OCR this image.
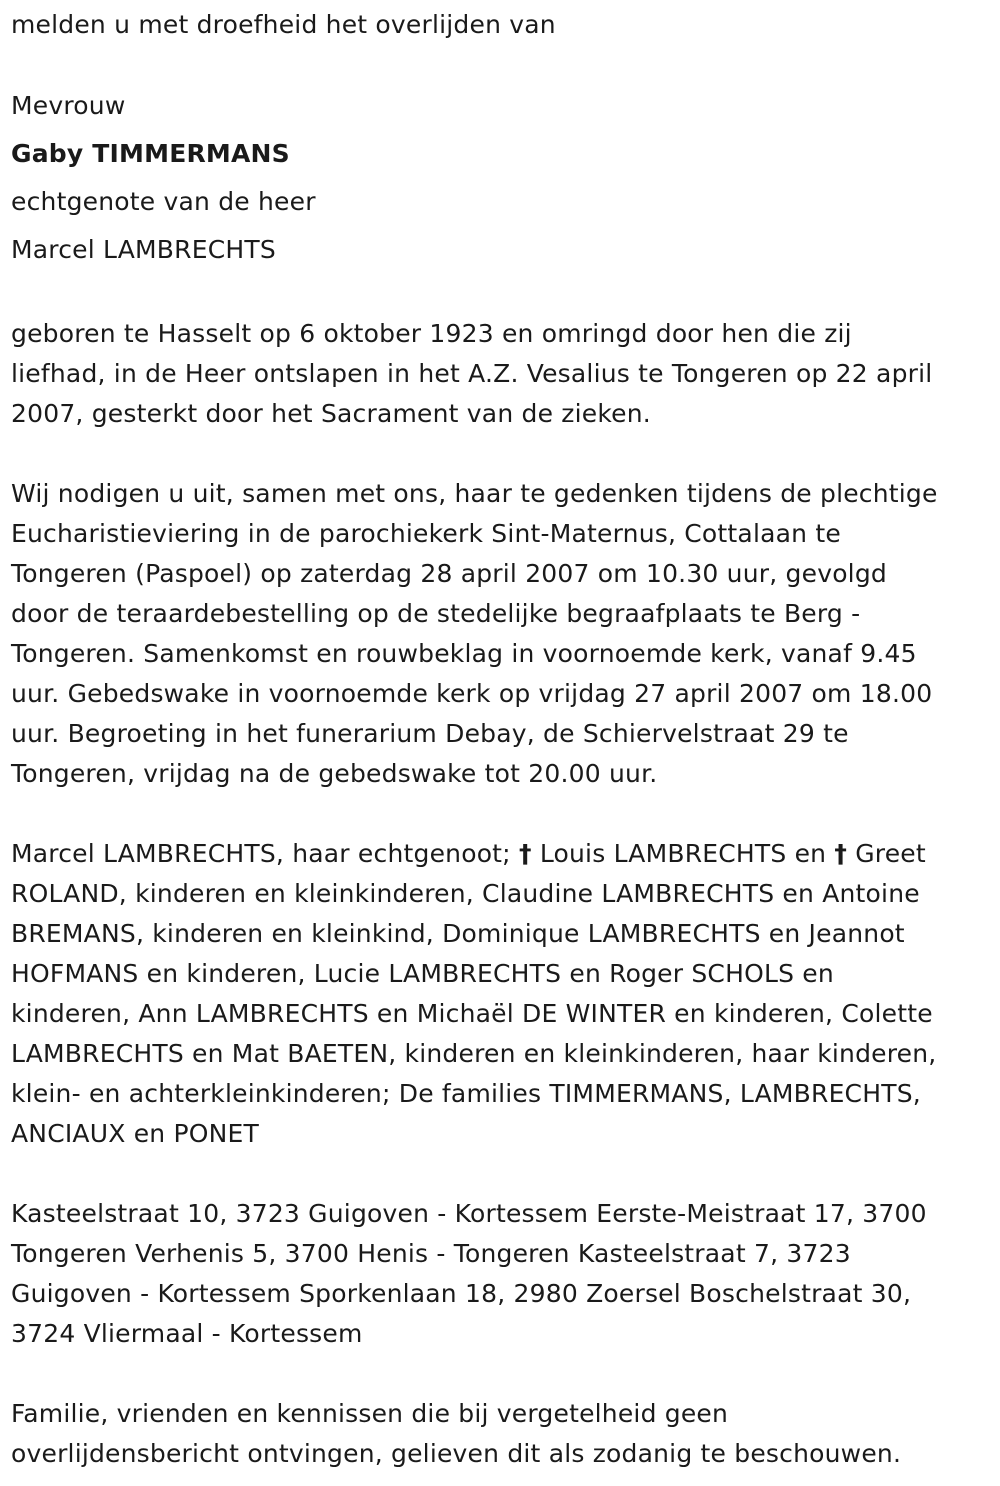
melden u met droefheid het overlijden van

Mevrouw

Gaby TIMMERMANS

echtgenote van de heer

Marcel LAMBRECHTS

geboren te Hasselt op 6 oktober 1923 en omringd door hen die zij

liefhad, in de Heer ontslapen in het A.Z. Vesalius te Tongeren op 22 april

2007, gesterkt door het Sacrament van de zieken.

Wij nodigen u uit, samen met ons, haar te gedenken tijdens de plechtige

Eucharistieviering in de parochiekerk Sint-Maternus, Cottalaan te

Tongeren (Paspoel) op zaterdag 28 april 2007 om 10.30 uur, gevolgd

door de teraardebestelling op de stedelijke begraafplaats te Berg -

Tongeren. Samenkomst en rouwbeklag in voornoemde kerk, vanaf 9.45

uur. Gebedswake in voornoemde kerk op vrijdag 27 april 2007 om 18.00

uur. Begroeting in het funerarium Debay, de Schiervelstraat 29 te

Tongeren, vrijdag na de gebedswake tot 20.00 uur.

Marcel LAMBRECHTS, haar echtgenoot; † Louis LAMBRECHTS en † Greet

ROLAND, kinderen en kleinkinderen, Claudine LAMBRECHTS en Antoine

BREMANS, kinderen en kleinkind, Dominique LAMBRECHTS en Jeannot

HOFMANS en kinderen, Lucie LAMBRECHTS en Roger SCHOLS en

kinderen, Ann LAMBRECHTS en Michaël DE WINTER en kinderen, Colette

LAMBRECHTS en Mat BAETEN, kinderen en kleinkinderen, haar kinderen,

klein- en achterkleinkinderen; De families TIMMERMANS, LAMBRECHTS,

ANCIAUX en PONET

Kasteelstraat 10, 3723 Guigoven - Kortessem Eerste-Meistraat 17, 3700

Tongeren Verhenis 5, 3700 Henis - Tongeren Kasteelstraat 7, 3723

Guigoven - Kortessem Sporkenlaan 18, 2980 Zoersel Boschelstraat 30,

3724 Vliermaal - Kortessem

Familie, vrienden en kennissen die bij vergetelheid geen

overlijdensbericht ontvingen, gelieven dit als zodanig te beschouwen.
